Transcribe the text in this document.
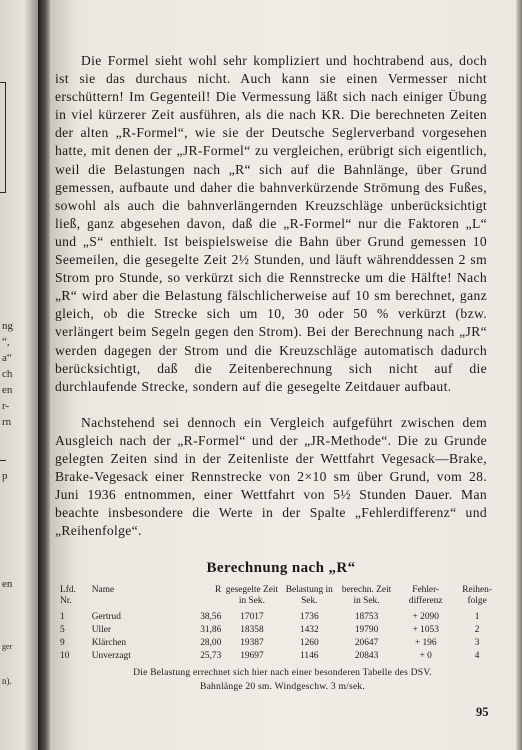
ng
“,
a“
ch
en
r-
rn
p
en
ger
n).

Die Formel sieht wohl sehr kompliziert und hochtrabend aus, doch ist sie das durchaus nicht. Auch kann sie einen Vermesser nicht erschüttern! Im Gegenteil! Die Vermessung läßt sich nach einiger Übung in viel kürzerer Zeit ausführen, als die nach KR. Die berechneten Zeiten der alten „R-Formel“, wie sie der Deutsche Seglerverband vorgesehen hatte, mit denen der „JR-Formel“ zu vergleichen, erübrigt sich eigentlich, weil die Belastungen nach „R“ sich auf die Bahnlänge, über Grund gemessen, aufbaute und daher die bahnverkürzende Strömung des Fußes, sowohl als auch die bahnverlängernden Kreuzschläge unberücksichtigt ließ, ganz abgesehen davon, daß die „R-Formel“ nur die Faktoren „L“ und „S“ enthielt. Ist beispielsweise die Bahn über Grund gemessen 10 Seemeilen, die gesegelte Zeit 2½ Stunden, und läuft währenddessen 2 sm Strom pro Stunde, so verkürzt sich die Rennstrecke um die Hälfte! Nach „R“ wird aber die Belastung fälschlicherweise auf 10 sm berechnet, ganz gleich, ob die Strecke sich um 10, 30 oder 50 % verkürzt (bzw. verlängert beim Segeln gegen den Strom). Bei der Berechnung nach „JR“ werden dagegen der Strom und die Kreuzschläge automatisch dadurch berücksichtigt, daß die Zeitenberechnung sich nicht auf die durchlaufende Strecke, sondern auf die gesegelte Zeitdauer aufbaut.

Nachstehend sei dennoch ein Vergleich aufgeführt zwischen dem Ausgleich nach der „R-Formel“ und der „JR-Methode“. Die zu Grunde gelegten Zeiten sind in der Zeitenliste der Wettfahrt Vegesack—Brake, Brake-Vegesack einer Rennstrecke von 2×10 sm über Grund, vom 28. Juni 1936 entnommen, einer Wettfahrt von 5½ Stunden Dauer. Man beachte insbesondere die Werte in der Spalte „Fehlerdifferenz“ und „Reihenfolge“.

Berechnung nach „R“
Lfd. Nr.	Name	R	gesegelte Zeit in Sek.	Belastung in Sek.	berechn. Zeit in Sek.	Fehler-differenz	Reihen-folge
1	Gertrud	38,56	17017	1736	18753	+ 2090	1
5	Uller	31,86	18358	1432	19790	+ 1053	2
9	Klärchen	28,00	19387	1260	20647	+ 196	3
10	Unverzagt	25,73	19697	1146	20843	+ 0	4
Die Belastung errechnet sich hier nach einer besonderen Tabelle des DSV.
Bahnlänge 20 sm. Windgeschw. 3 m/sek.
95
